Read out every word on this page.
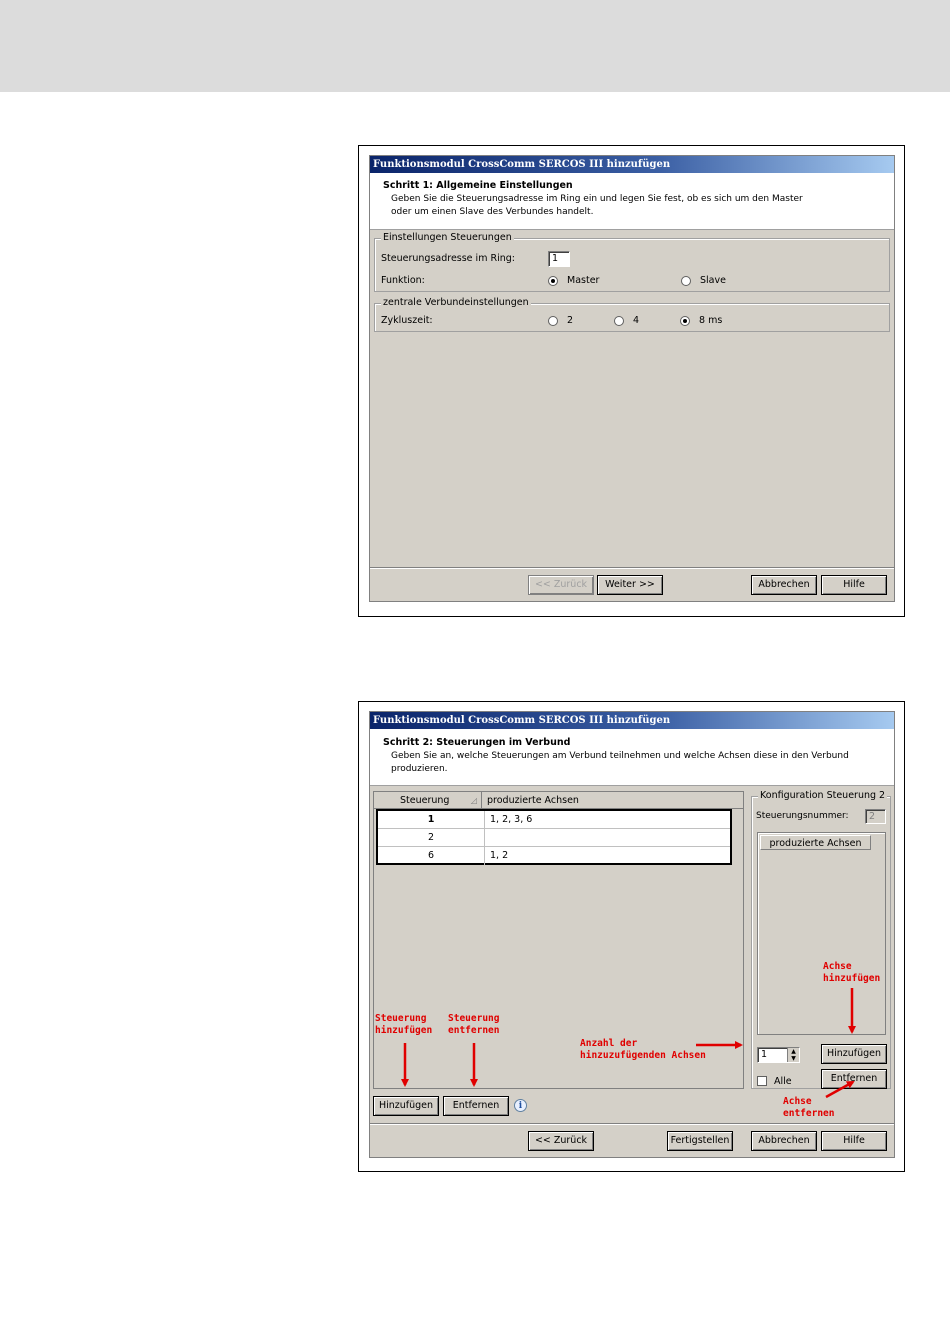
Funktionsmodul CrossComm SERCOS III hinzufügen
Schritt 1: Allgemeine Einstellungen
Geben Sie die Steuerungsadresse im Ring ein und legen Sie fest, ob es sich um den Master
oder um einen Slave des Verbundes handelt.
Einstellungen Steuerungen
Steuerungsadresse im Ring:	1
Funktion:	Master	Slave
zentrale Verbundeinstellungen
Zykluszeit:	2	4	8 ms
<< Zurück	Weiter >>	Abbrechen	Hilfe
Funktionsmodul CrossComm SERCOS III hinzufügen
Schritt 2: Steuerungen im Verbund
Geben Sie an, welche Steuerungen am Verbund teilnehmen und welche Achsen diese in den Verbund
produzieren.
Steuerung	◿	produzierte Achsen
1	1, 2, 3, 6
2
6	1, 2
Hinzufügen	Entfernen	i
Konfiguration Steuerung 2
Steuerungsnummer:	2
produzierte Achsen
1	▲
▼	Hinzufügen
Alle	Entfernen
<< Zurück	Fertigstellen	Abbrechen	Hilfe
Steuerung
hinzufügen
Steuerung
entfernen
Anzahl der
hinzuzufügenden Achsen
Achse
hinzufügen
Achse
entfernen
